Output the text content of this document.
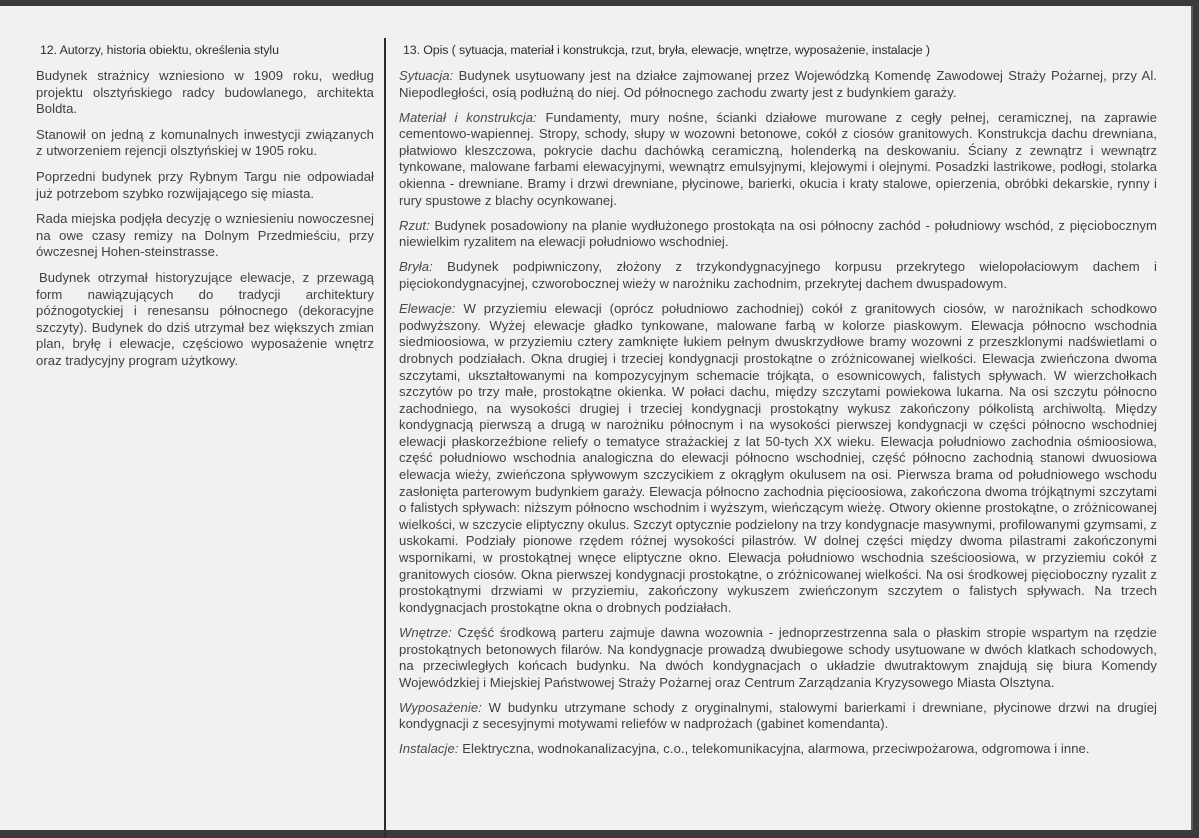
12. Autorzy, historia obiektu, określenia stylu

Budynek strażnicy wzniesiono w 1909 roku, według projektu olsztyńskiego radcy budowlanego, architekta Boldta.

Stanowił on jedną z komunalnych inwestycji związanych z utworzeniem rejencji olsztyńskiej w 1905 roku.

Poprzedni budynek przy Rybnym Targu nie odpowiadał już potrzebom szybko rozwijającego się miasta.

Rada miejska podjęła decyzję o wzniesieniu nowoczesnej na owe czasy remizy na Dolnym Przedmieściu, przy ówczesnej Hohen-steinstrasse.

Budynek otrzymał historyzujące elewacje, z przewagą form nawiązujących do tradycji architektury późnogotyckiej i renesansu północnego (dekoracyjne szczyty). Budynek do dziś utrzymał bez większych zmian plan, bryłę i elewacje, częściowo wyposażenie wnętrz oraz tradycyjny program użytkowy.

13. Opis ( sytuacja, materiał i konstrukcja, rzut, bryła, elewacje, wnętrze, wyposażenie, instalacje )

Sytuacja: Budynek usytuowany jest na działce zajmowanej przez Wojewódzką Komendę Zawodowej Straży Pożarnej, przy Al. Niepodległości, osią podłużną do niej. Od północnego zachodu zwarty jest z budynkiem garaży.

Materiał i konstrukcja: Fundamenty, mury nośne, ścianki działowe murowane z cegły pełnej, ceramicznej, na zaprawie cementowo-wapiennej. Stropy, schody, słupy w wozowni betonowe, cokół z ciosów granitowych. Konstrukcja dachu drewniana, płatwiowo kleszczowa, pokrycie dachu dachówką ceramiczną, holenderką na deskowaniu. Ściany z zewnątrz i wewnątrz tynkowane, malowane farbami elewacyjnymi, wewnątrz emulsyjnymi, klejowymi i olejnymi. Posadzki lastrikowe, podłogi, stolarka okienna - drewniane. Bramy i drzwi drewniane, płycinowe, barierki, okucia i kraty stalowe, opierzenia, obróbki dekarskie, rynny i rury spustowe z blachy ocynkowanej.

Rzut: Budynek posadowiony na planie wydłużonego prostokąta na osi północny zachód - południowy wschód, z pięciobocznym niewielkim ryzalitem na elewacji południowo wschodniej.

Bryła: Budynek podpiwniczony, złożony z trzykondygnacyjnego korpusu przekrytego wielopołaciowym dachem i pięciokondygnacyjnej, czworobocznej wieży w narożniku zachodnim, przekrytej dachem dwuspadowym.

Elewacje: W przyziemiu elewacji (oprócz południowo zachodniej) cokół z granitowych ciosów, w narożnikach schodkowo podwyższony. Wyżej elewacje gładko tynkowane, malowane farbą w kolorze piaskowym. Elewacja północno wschodnia siedmioosiowa, w przyziemiu cztery zamknięte łukiem pełnym dwuskrzydłowe bramy wozowni z przeszklonymi nadświetlami o drobnych podziałach. Okna drugiej i trzeciej kondygnacji prostokątne o zróżnicowanej wielkości. Elewacja zwieńczona dwoma szczytami, ukształtowanymi na kompozycyjnym schemacie trójkąta, o esownicowych, falistych spływach. W wierzchołkach szczytów po trzy małe, prostokątne okienka. W połaci dachu, między szczytami powiekowa lukarna. Na osi szczytu północno zachodniego, na wysokości drugiej i trzeciej kondygnacji prostokątny wykusz zakończony półkolistą archiwoltą. Między kondygnacją pierwszą a drugą w narożniku północnym i na wysokości pierwszej kondygnacji w części północno wschodniej elewacji płaskorzeźbione reliefy o tematyce strażackiej z lat 50-tych XX wieku. Elewacja południowo zachodnia ośmioosiowa, część południowo wschodnia analogiczna do elewacji północno wschodniej, część północno zachodnią stanowi dwuosiowa elewacja wieży, zwieńczona spływowym szczycikiem z okrągłym okulusem na osi. Pierwsza brama od południowego wschodu zasłonięta parterowym budynkiem garaży. Elewacja północno zachodnia pięcioosiowa, zakończona dwoma trójkątnymi szczytami o falistych spływach: niższym północno wschodnim i wyższym, wieńczącym wieżę. Otwory okienne prostokątne, o zróżnicowanej wielkości, w szczycie eliptyczny okulus. Szczyt optycznie podzielony na trzy kondygnacje masywnymi, profilowanymi gzymsami, z uskokami. Podziały pionowe rzędem różnej wysokości pilastrów. W dolnej części między dwoma pilastrami zakończonymi wspornikami, w prostokątnej wnęce eliptyczne okno. Elewacja południowo wschodnia sześcioosiowa, w przyziemiu cokół z granitowych ciosów. Okna pierwszej kondygnacji prostokątne, o zróżnicowanej wielkości. Na osi środkowej pięcioboczny ryzalit z prostokątnymi drzwiami w przyziemiu, zakończony wykuszem zwieńczonym szczytem o falistych spływach. Na trzech kondygnacjach prostokątne okna o drobnych podziałach.

Wnętrze: Część środkową parteru zajmuje dawna wozownia - jednoprzestrzenna sala o płaskim stropie wspartym na rzędzie prostokątnych betonowych filarów. Na kondygnacje prowadzą dwubiegowe schody usytuowane w dwóch klatkach schodowych, na przeciwległych końcach budynku. Na dwóch kondygnacjach o układzie dwutraktowym znajdują się biura Komendy Wojewódzkiej i Miejskiej Państwowej Straży Pożarnej oraz Centrum Zarządzania Kryzysowego Miasta Olsztyna.

Wyposażenie: W budynku utrzymane schody z oryginalnymi, stalowymi barierkami i drewniane, płycinowe drzwi na drugiej kondygnacji z secesyjnymi motywami reliefów w nadprożach (gabinet komendanta).

Instalacje: Elektryczna, wodnokanalizacyjna, c.o., telekomunikacyjna, alarmowa, przeciwpożarowa, odgromowa i inne.
